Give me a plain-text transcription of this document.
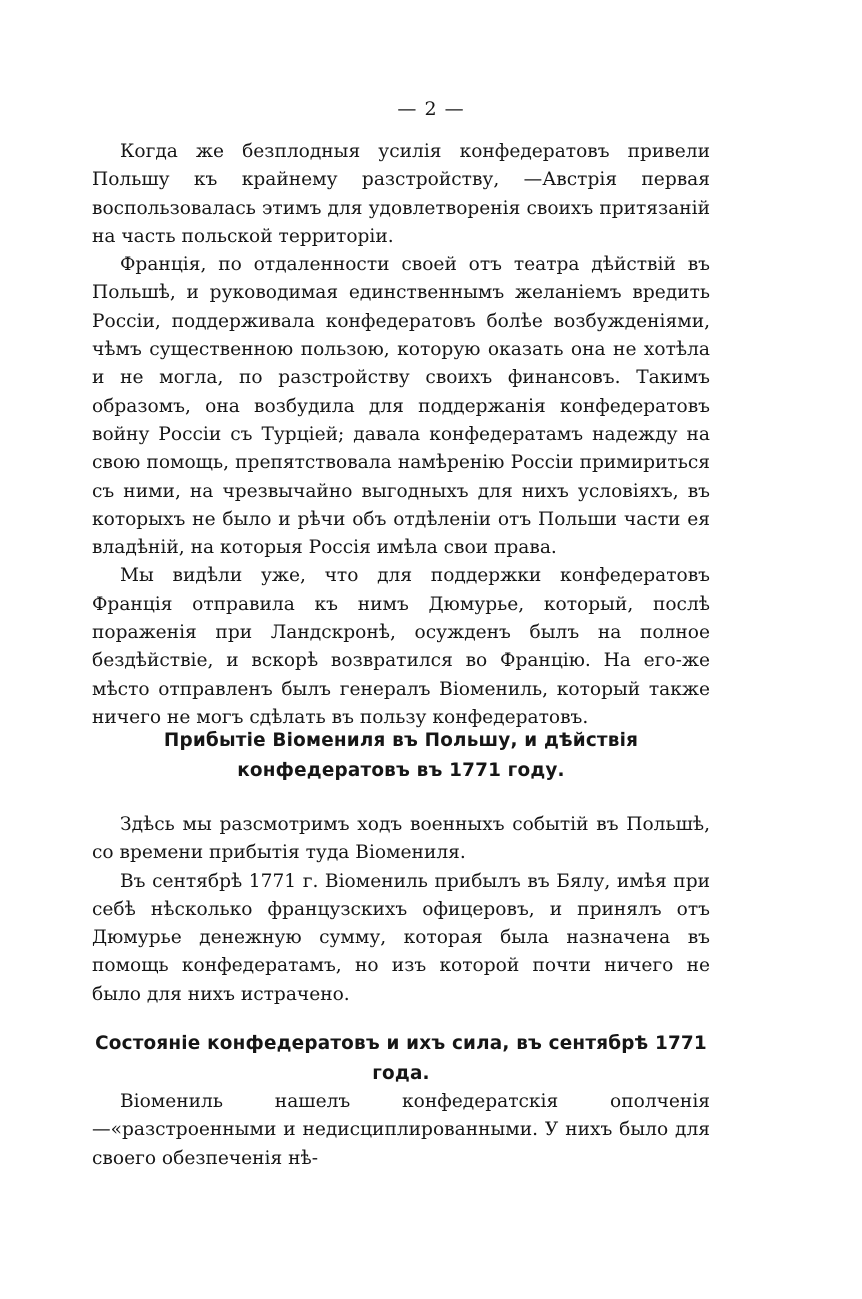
— 2 —

Когда же безплодныя усилія конфедератовъ привели Польшу къ крайнему разстройству, —Австрія первая воспользовалась этимъ для удовлетворенія своихъ притязаній на часть польской территоріи.

Франція, по отдаленности своей отъ театра дѣйствій въ Польшѣ, и руководимая единственнымъ желаніемъ вредить Россіи, поддерживала конфедератовъ болѣе возбужденіями, чѣмъ существенною пользою, которую оказать она не хотѣла и не могла, по разстройству своихъ финансовъ. Такимъ образомъ, она возбудила для поддержанія конфедератовъ войну Россіи съ Турціей; давала конфедератамъ надежду на свою помощь, препятствовала намѣренію Россіи примириться съ ними, на чрезвычайно выгодныхъ для нихъ условіяхъ, въ которыхъ не было и рѣчи объ отдѣленіи отъ Польши части ея владѣній, на которыя Россія имѣла свои права.

Мы видѣли уже, что для поддержки конфедератовъ Франція отправила къ нимъ Дюмурье, который, послѣ пораженія при Ландскронѣ, осужденъ былъ на полное бездѣйствіе, и вскорѣ возвратился во Францію. На его-же мѣсто отправленъ былъ генералъ Віомениль, который также ничего не могъ сдѣлать въ пользу конфедератовъ.

Прибытіе Віомениля въ Польшу, и дѣйствія конфедератовъ въ 1771 году.

Здѣсь мы разсмотримъ ходъ военныхъ событій въ Польшѣ, со времени прибытія туда Віомениля.

Въ сентябрѣ 1771 г. Віомениль прибылъ въ Бялу, имѣя при себѣ нѣсколько французскихъ офицеровъ, и принялъ отъ Дюмурье денежную сумму, которая была назначена въ помощь конфедератамъ, но изъ которой почти ничего не было для нихъ истрачено.

Состояніе конфедератовъ и ихъ сила, въ сентябрѣ 1771 года.

Віомениль нашелъ конфедератскія ополченія—«разстроенными и недисциплированными. У нихъ было для своего обезпеченія нѣ-
